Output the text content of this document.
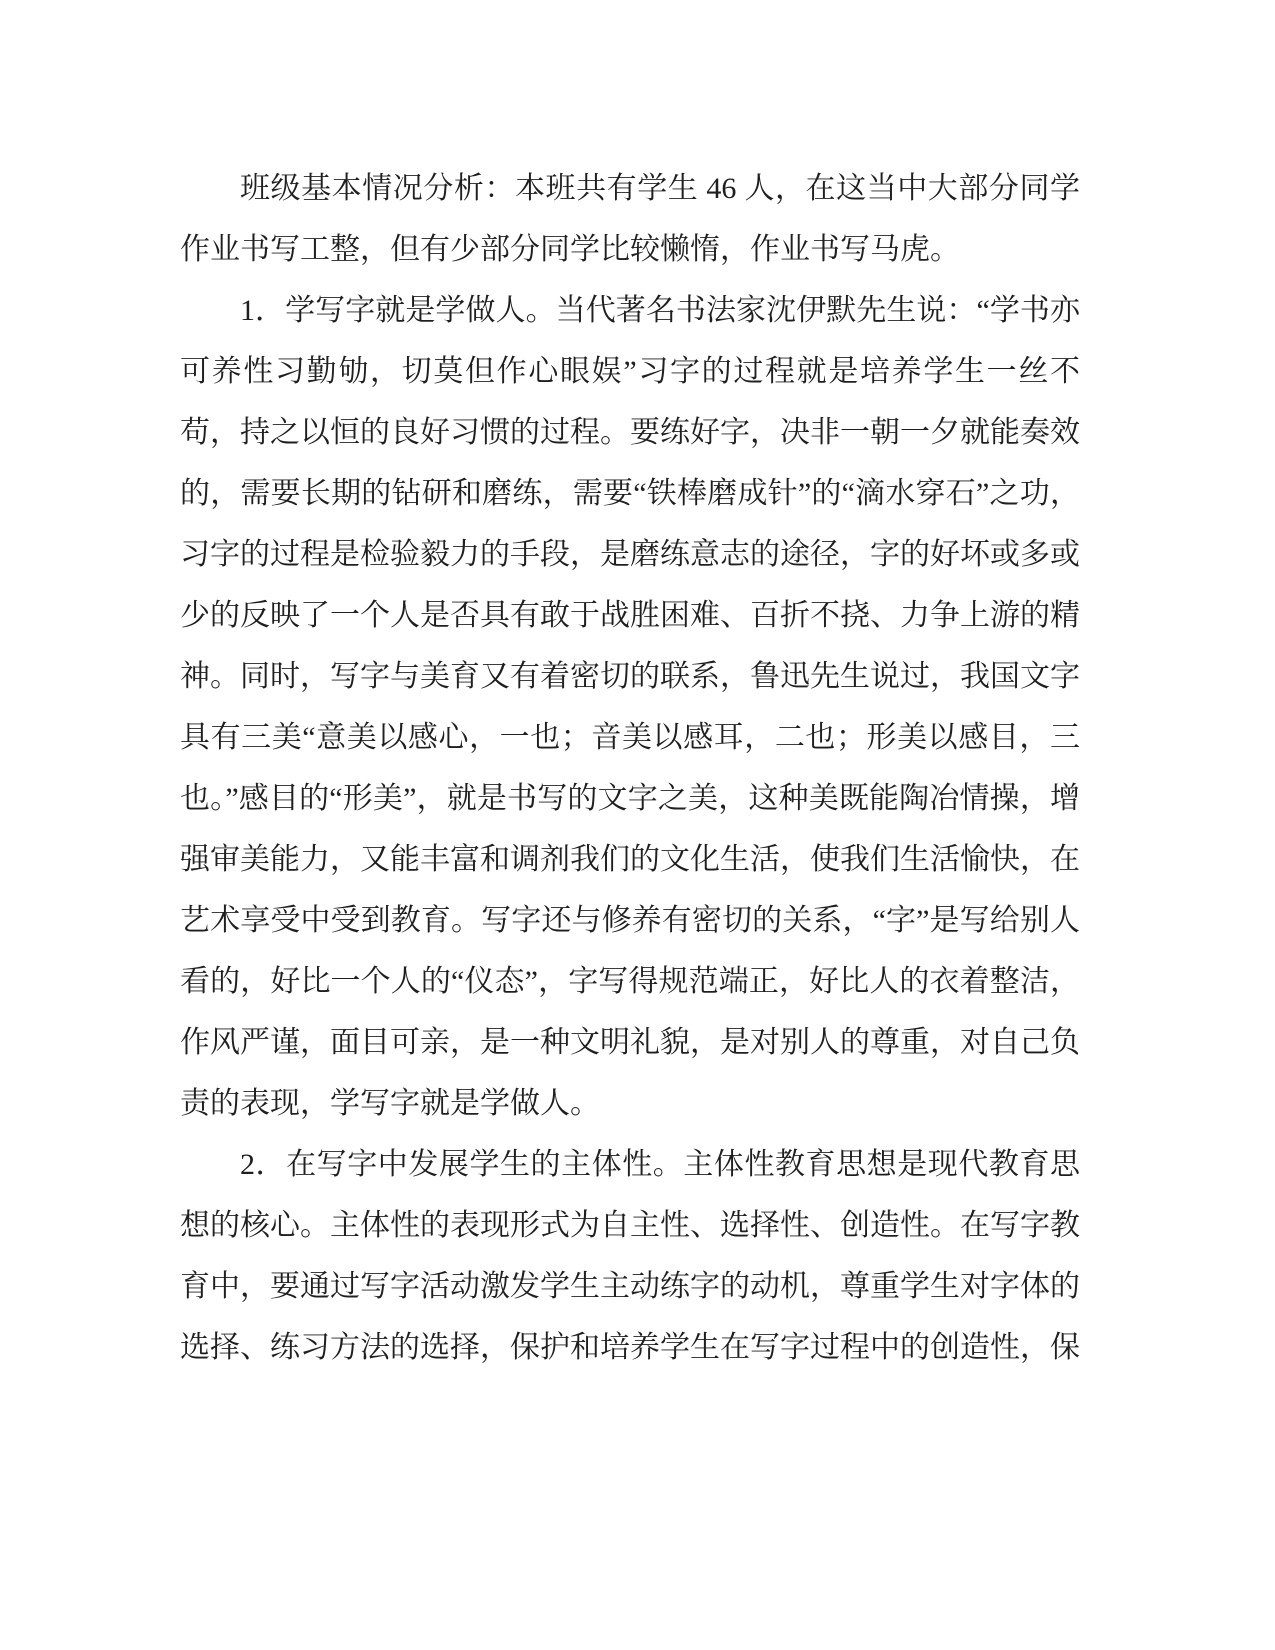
班级基本情况分析：本班共有学生 46 人，在这当中大部分同学作业书写工整，但有少部分同学比较懒惰，作业书写马虎。

1．学写字就是学做人。当代著名书法家沈伊默先生说：“学书亦可养性习勤劬，切莫但作心眼娱”习字的过程就是培养学生一丝不苟，持之以恒的良好习惯的过程。要练好字，决非一朝一夕就能奏效的，需要长期的钻研和磨练，需要“铁棒磨成针”的“滴水穿石”之功，习字的过程是检验毅力的手段，是磨练意志的途径，字的好坏或多或少的反映了一个人是否具有敢于战胜困难、百折不挠、力争上游的精神。同时，写字与美育又有着密切的联系，鲁迅先生说过，我国文字具有三美“意美以感心，一也；音美以感耳，二也；形美以感目，三也。”感目的“形美”，就是书写的文字之美，这种美既能陶冶情操，增强审美能力，又能丰富和调剂我们的文化生活，使我们生活愉快，在艺术享受中受到教育。写字还与修养有密切的关系，“字”是写给别人看的，好比一个人的“仪态”，字写得规范端正，好比人的衣着整洁，作风严谨，面目可亲，是一种文明礼貌，是对别人的尊重，对自己负责的表现，学写字就是学做人。

2．在写字中发展学生的主体性。主体性教育思想是现代教育思想的核心。主体性的表现形式为自主性、选择性、创造性。在写字教育中，要通过写字活动激发学生主动练字的动机，尊重学生对字体的选择、练习方法的选择，保护和培养学生在写字过程中的创造性，保
